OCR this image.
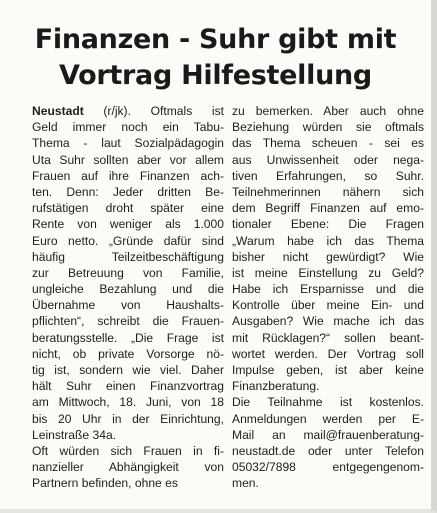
Finanzen - Suhr gibt mit
Vortrag Hilfestellung
Neustadt (r/jk). Oftmals ist
Geld immer noch ein Tabu-
Thema - laut Sozialpädagogin
Uta Suhr sollten aber vor allem
Frauen auf ihre Finanzen ach-
ten. Denn: Jeder dritten Be-
rufstätigen droht später eine
Rente von weniger als 1.000
Euro netto. „Gründe dafür sind
häufig Teilzeitbeschäftigung
zur Betreuung von Familie,
ungleiche Bezahlung und die
Übernahme von Haushalts-
pflichten“, schreibt die Frauen-
beratungsstelle. „Die Frage ist
nicht, ob private Vorsorge nö-
tig ist, sondern wie viel. Daher
hält Suhr einen Finanzvortrag
am Mittwoch, 18. Juni, von 18
bis 20 Uhr in der Einrichtung,
Leinstraße 34a.
Oft würden sich Frauen in fi-
nanzieller Abhängigkeit von
Partnern befinden, ohne es
zu bemerken. Aber auch ohne
Beziehung würden sie oftmals
das Thema scheuen - sei es
aus Unwissenheit oder nega-
tiven Erfahrungen, so Suhr.
Teilnehmerinnen nähern sich
dem Begriff Finanzen auf emo-
tionaler Ebene: Die Fragen
„Warum habe ich das Thema
bisher nicht gewürdigt? Wie
ist meine Einstellung zu Geld?
Habe ich Ersparnisse und die
Kontrolle über meine Ein- und
Ausgaben? Wie mache ich das
mit Rücklagen?“ sollen beant-
wortet werden. Der Vortrag soll
Impulse geben, ist aber keine
Finanzberatung.
Die Teilnahme ist kostenlos.
Anmeldungen werden per E-
Mail an mail@frauenberatung-
neustadt.de oder unter Telefon
05032/7898 entgegengenom-
men.
